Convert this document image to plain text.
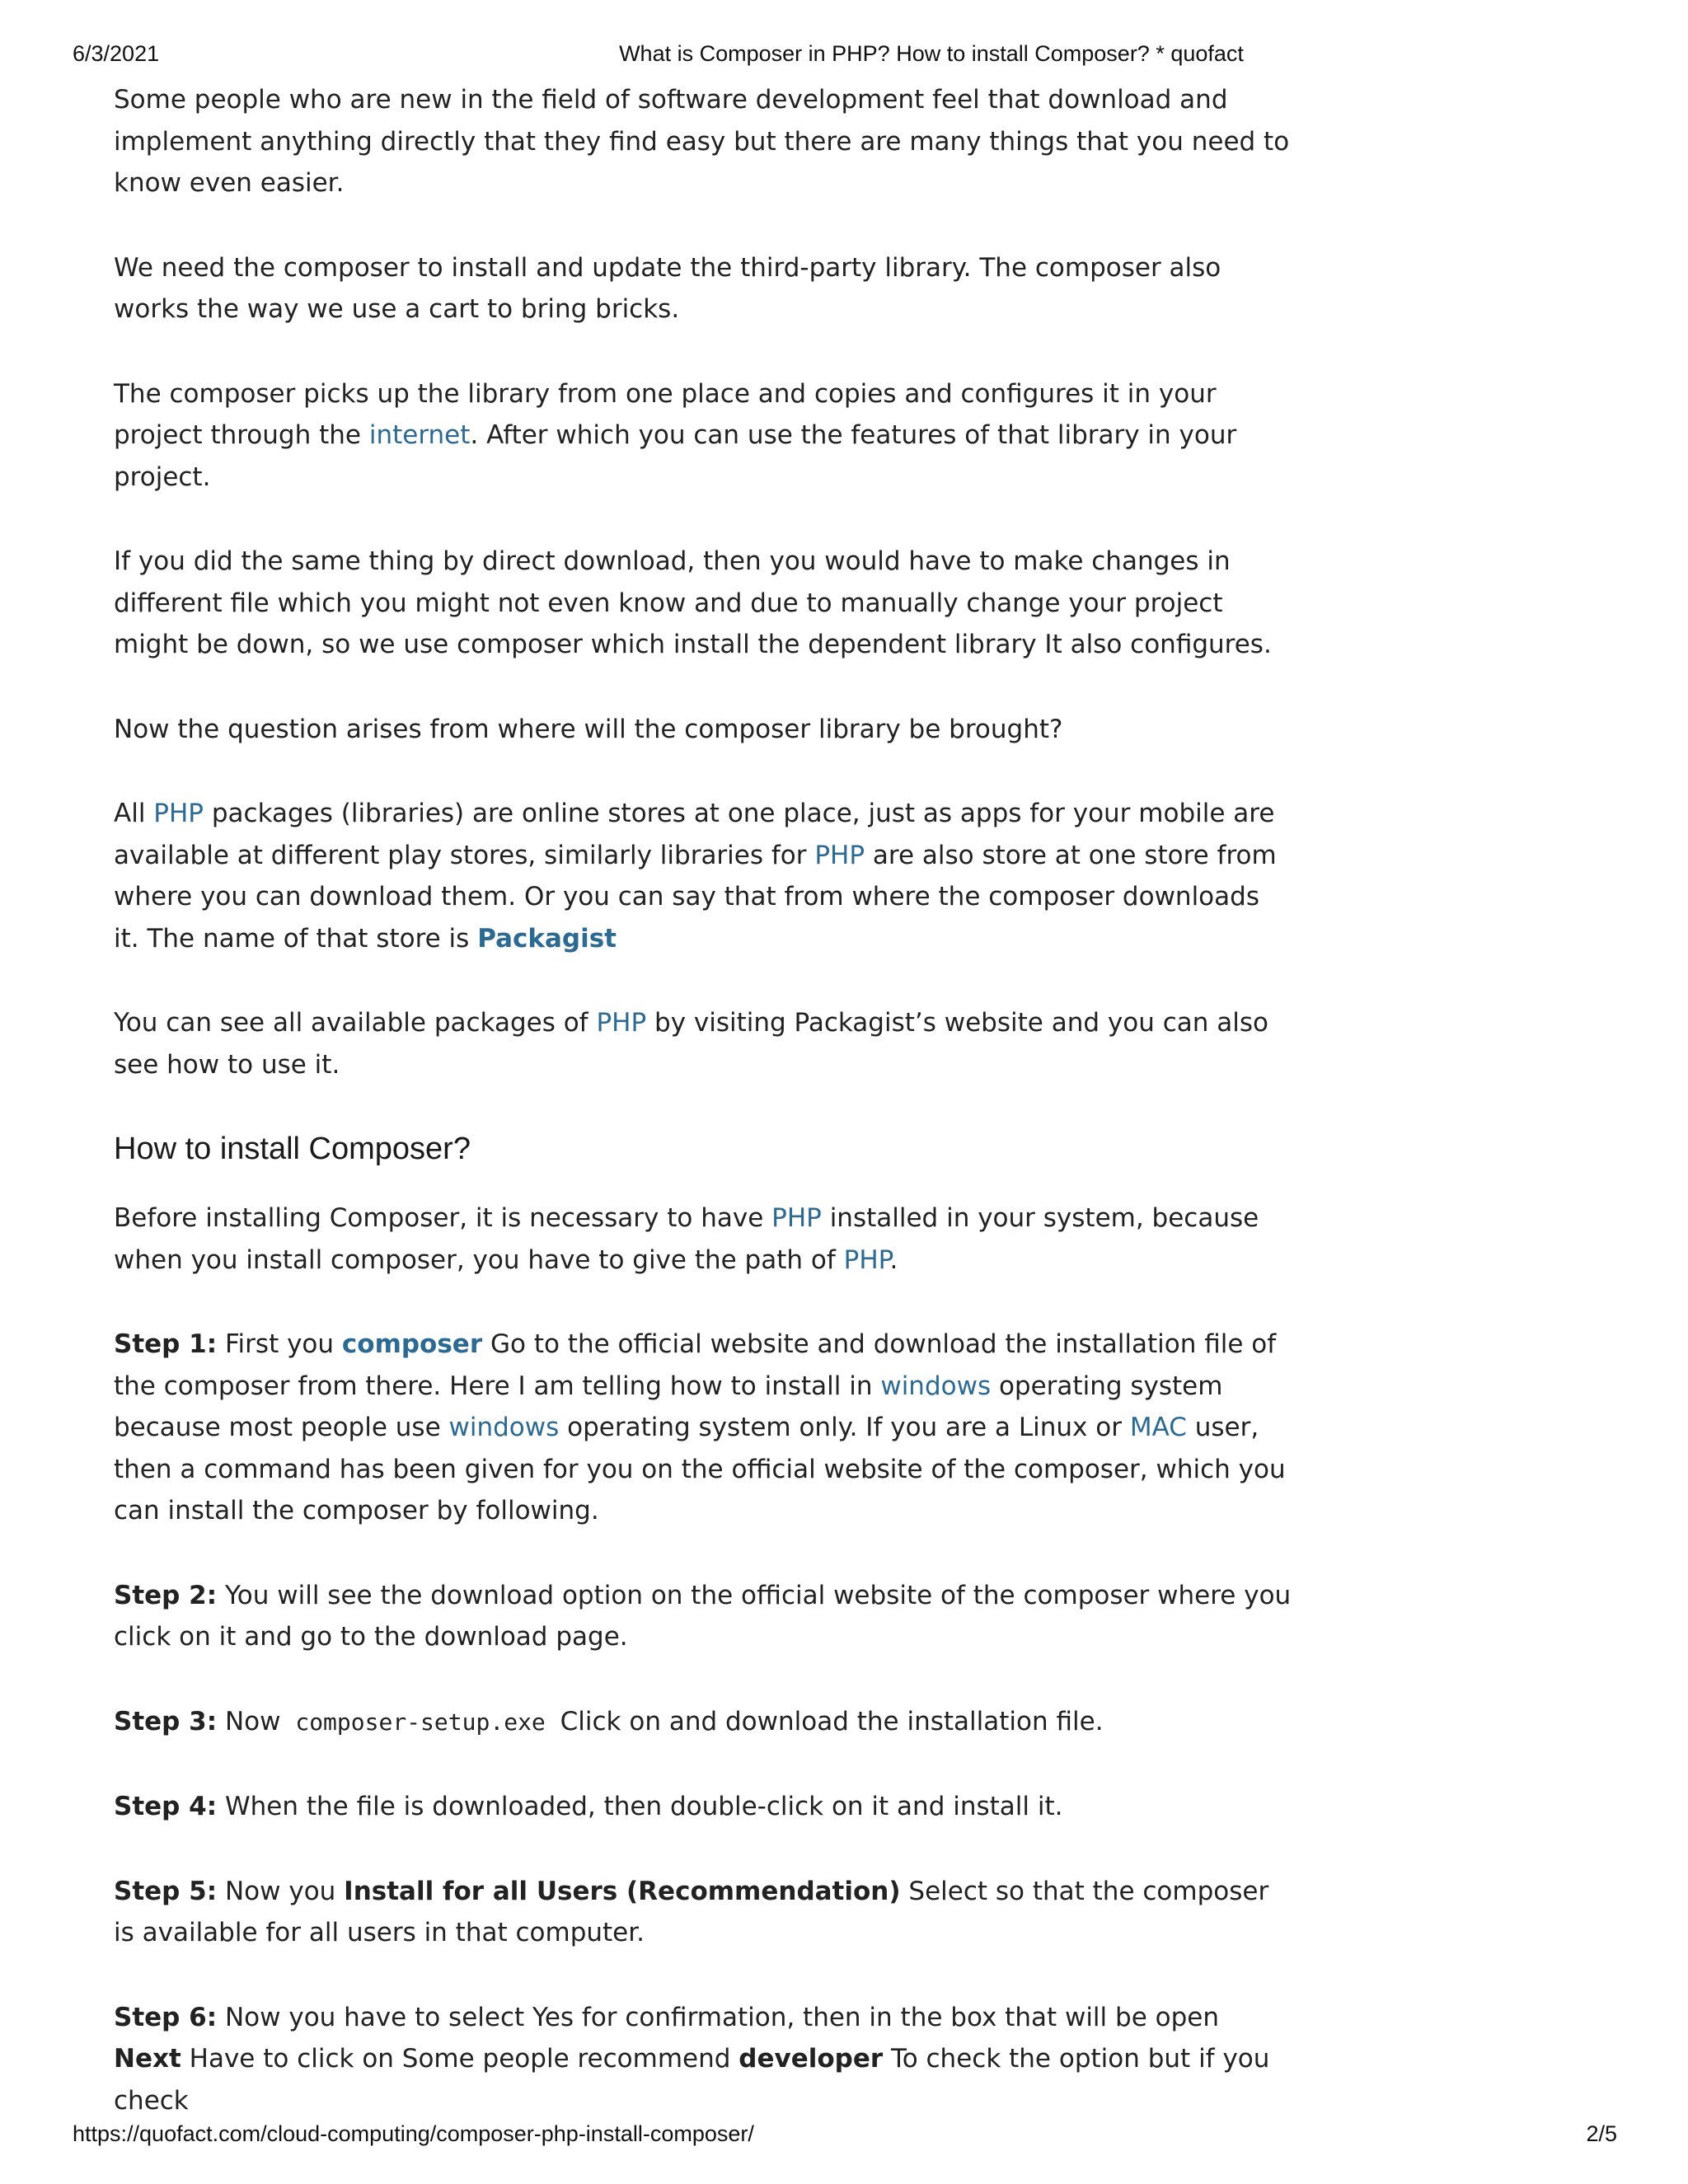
6/3/2021	What is Composer in PHP? How to install Composer? * quofact

Some people who are new in the field of software development feel that download and implement anything directly that they find easy but there are many things that you need to know even easier.

We need the composer to install and update the third-party library. The composer also works the way we use a cart to bring bricks.

The composer picks up the library from one place and copies and configures it in your project through the internet. After which you can use the features of that library in your project.

If you did the same thing by direct download, then you would have to make changes in different file which you might not even know and due to manually change your project might be down, so we use composer which install the dependent library It also configures.

Now the question arises from where will the composer library be brought?

All PHP packages (libraries) are online stores at one place, just as apps for your mobile are available at different play stores, similarly libraries for PHP are also store at one store from where you can download them. Or you can say that from where the composer downloads it. The name of that store is Packagist

You can see all available packages of PHP by visiting Packagist’s website and you can also see how to use it.

How to install Composer?

Before installing Composer, it is necessary to have PHP installed in your system, because when you install composer, you have to give the path of PHP.

Step 1: First you composer Go to the official website and download the installation file of the composer from there. Here I am telling how to install in windows operating system because most people use windows operating system only. If you are a Linux or MAC user, then a command has been given for you on the official website of the composer, which you can install the composer by following.

Step 2: You will see the download option on the official website of the composer where you click on it and go to the download page.

Step 3: Now composer-setup.exe Click on and download the installation file.

Step 4: When the file is downloaded, then double-click on it and install it.

Step 5: Now you Install for all Users (Recommendation) Select so that the composer is available for all users in that computer.

Step 6: Now you have to select Yes for confirmation, then in the box that will be open Next Have to click on Some people recommend developer To check the option but if you check

https://quofact.com/cloud-computing/composer-php-install-composer/	2/5
